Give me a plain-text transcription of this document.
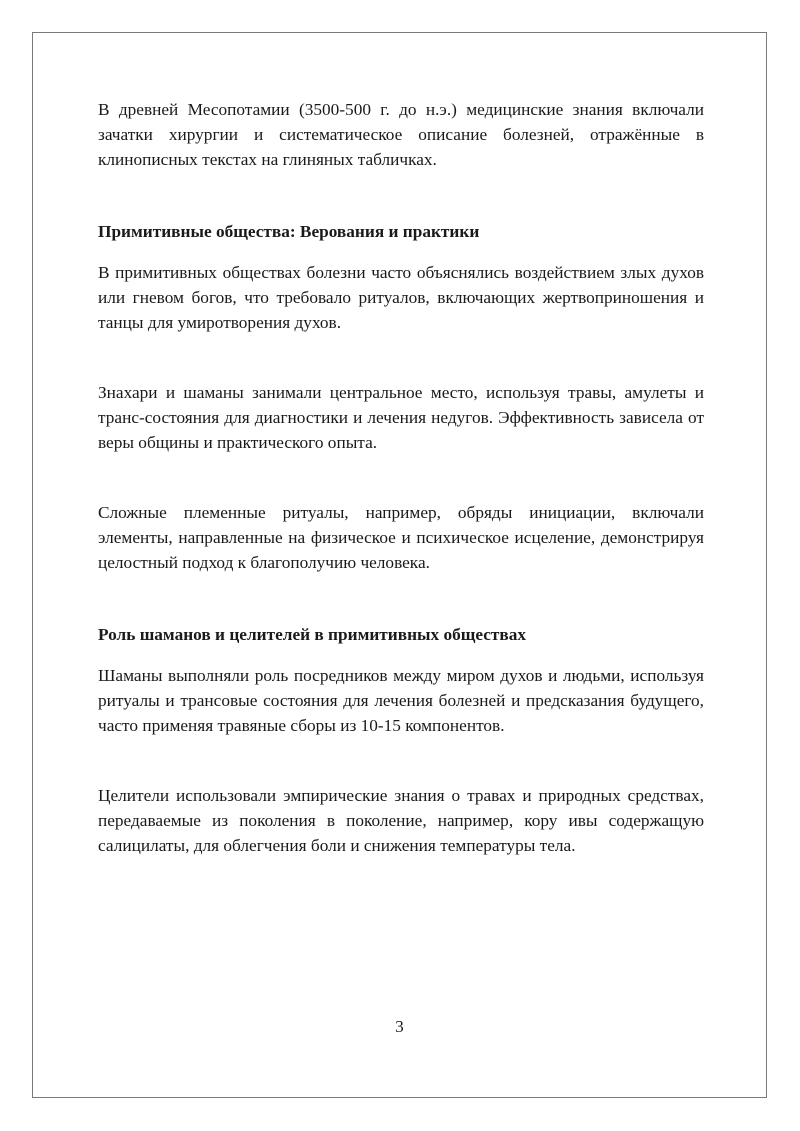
В древней Месопотамии (3500-500 г. до н.э.) медицинские знания включали зачатки хирургии и систематическое описание болезней, отражённые в клинописных текстах на глиняных табличках.

Примитивные общества: Верования и практики

В примитивных обществах болезни часто объяснялись воздействием злых духов или гневом богов, что требовало ритуалов, включающих жертвоприношения и танцы для умиротворения духов.

Знахари и шаманы занимали центральное место, используя травы, амулеты и транс-состояния для диагностики и лечения недугов. Эффективность зависела от веры общины и практического опыта.

Сложные племенные ритуалы, например, обряды инициации, включали элементы, направленные на физическое и психическое исцеление, демонстрируя целостный подход к благополучию человека.

Роль шаманов и целителей в примитивных обществах

Шаманы выполняли роль посредников между миром духов и людьми, используя ритуалы и трансовые состояния для лечения болезней и предсказания будущего, часто применяя травяные сборы из 10-15 компонентов.

Целители использовали эмпирические знания о травах и природных средствах, передаваемые из поколения в поколение, например, кору ивы содержащую салицилаты, для облегчения боли и снижения температуры тела.

3
